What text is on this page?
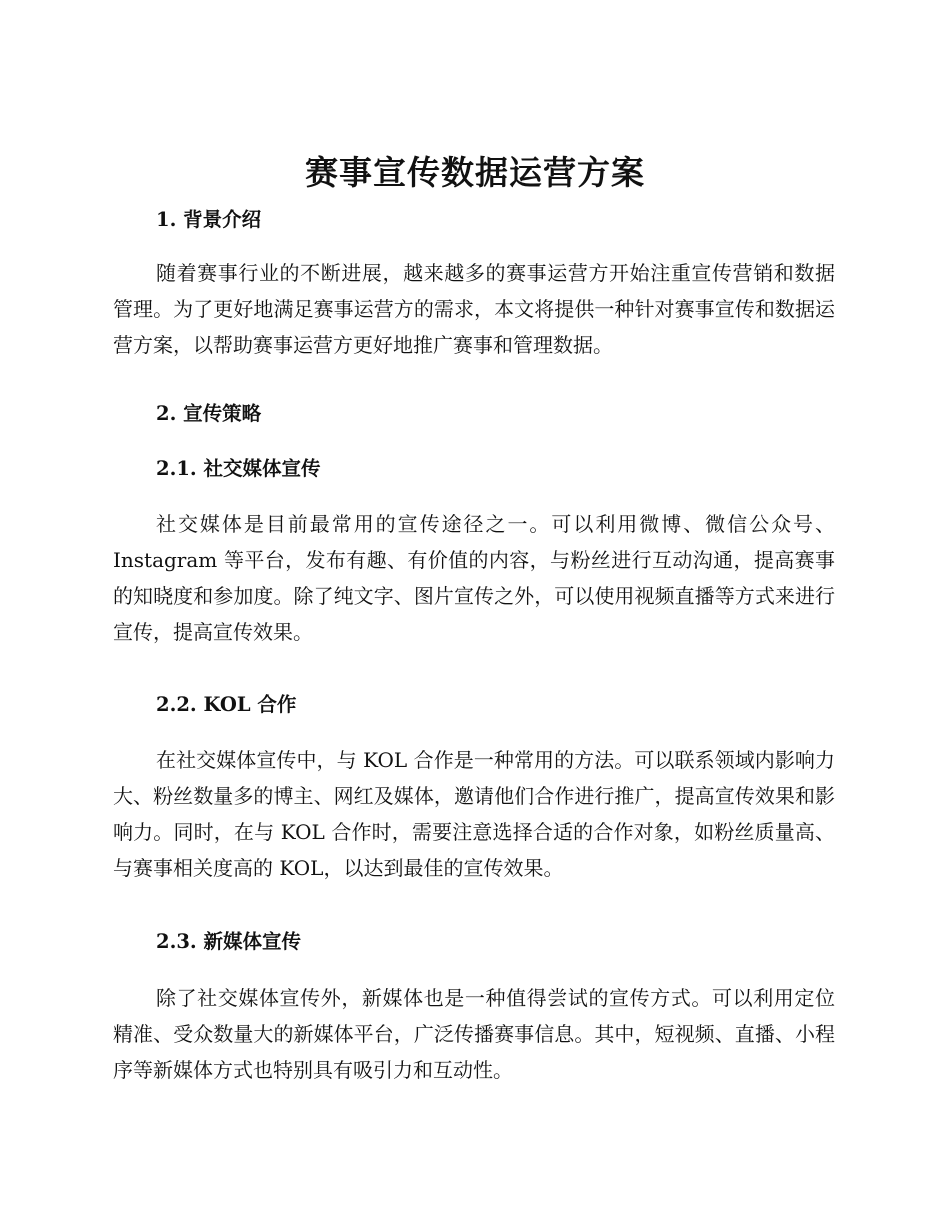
赛事宣传数据运营方案
1. 背景介绍

随着赛事行业的不断进展，越来越多的赛事运营方开始注重宣传营销和数据管理。为了更好地满足赛事运营方的需求，本文将提供一种针对赛事宣传和数据运营方案，以帮助赛事运营方更好地推广赛事和管理数据。

2. 宣传策略
2.1. 社交媒体宣传

社交媒体是目前最常用的宣传途径之一。可以利用微博、微信公众号、Instagram 等平台，发布有趣、有价值的内容，与粉丝进行互动沟通，提高赛事的知晓度和参加度。除了纯文字、图片宣传之外，可以使用视频直播等方式来进行宣传，提高宣传效果。

2.2. KOL 合作

在社交媒体宣传中，与 KOL 合作是一种常用的方法。可以联系领域内影响力大、粉丝数量多的博主、网红及媒体，邀请他们合作进行推广，提高宣传效果和影响力。同时，在与 KOL 合作时，需要注意选择合适的合作对象，如粉丝质量高、与赛事相关度高的 KOL，以达到最佳的宣传效果。

2.3. 新媒体宣传

除了社交媒体宣传外，新媒体也是一种值得尝试的宣传方式。可以利用定位精准、受众数量大的新媒体平台，广泛传播赛事信息。其中，短视频、直播、小程序等新媒体方式也特别具有吸引力和互动性。
